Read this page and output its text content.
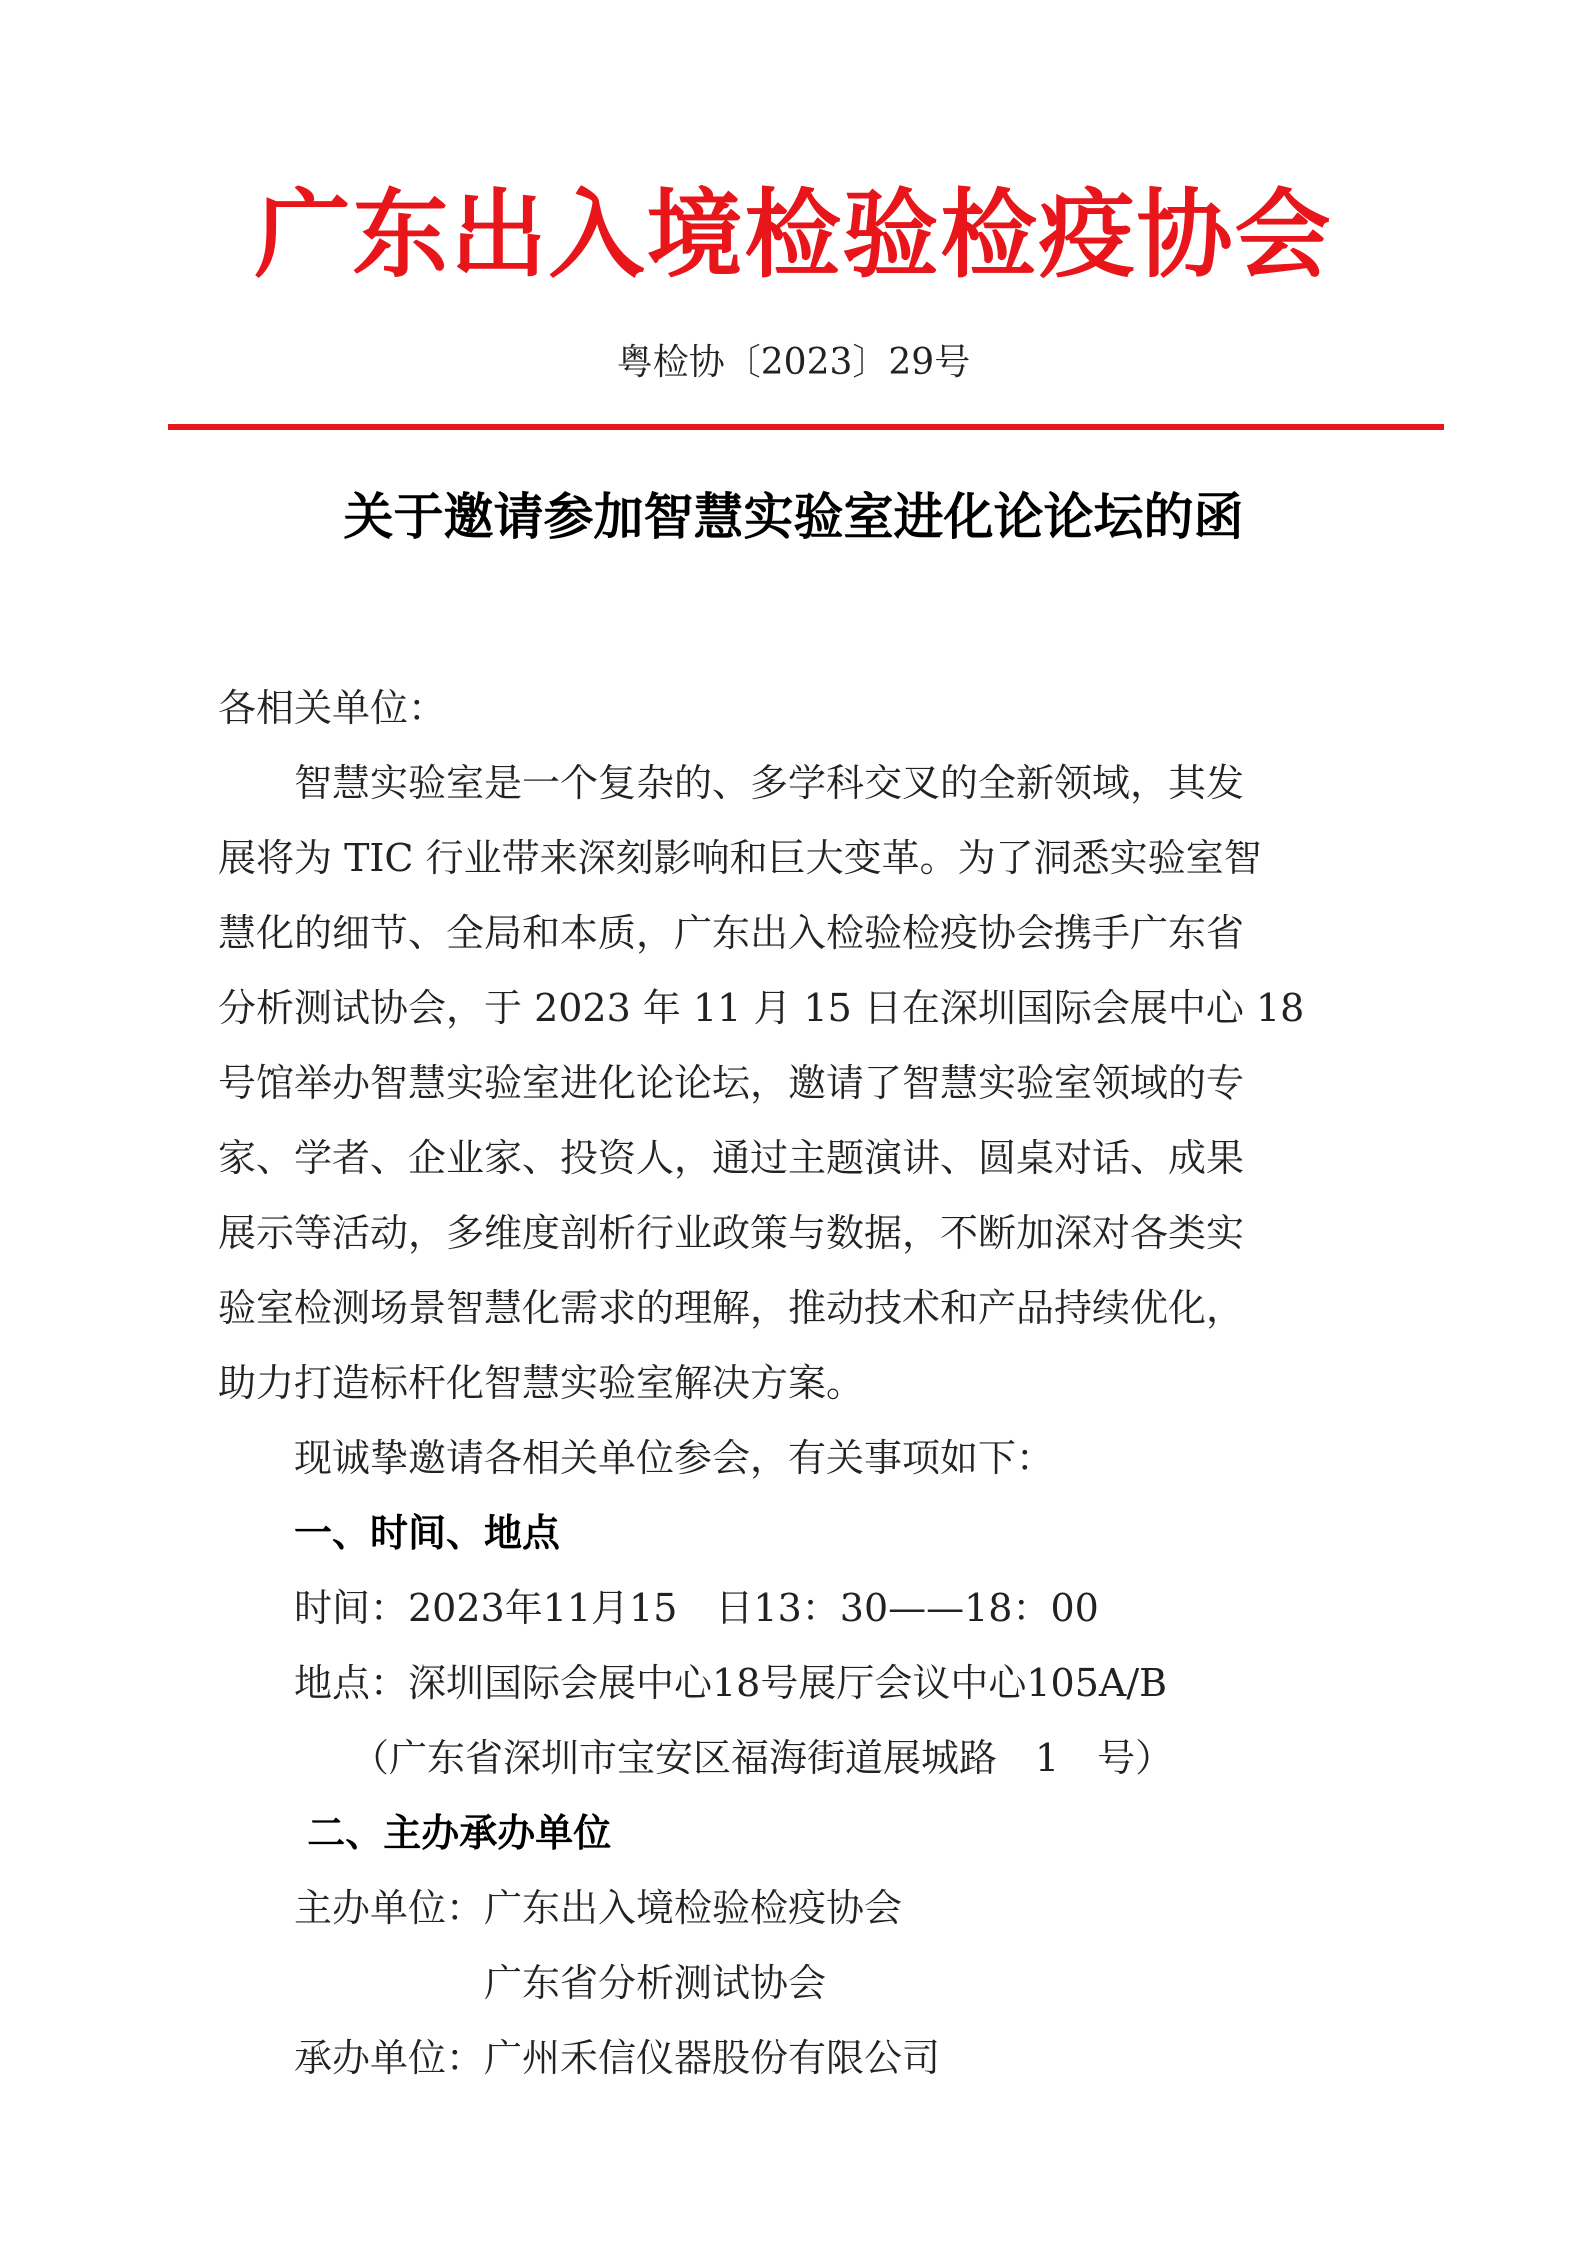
广东出入境检验检疫协会
粤检协〔2023〕29号
关于邀请参加智慧实验室进化论论坛的函
各相关单位：
　　智慧实验室是一个复杂的、多学科交叉的全新领域，其发
展将为 TIC 行业带来深刻影响和巨大变革。为了洞悉实验室智
慧化的细节、全局和本质，广东出入检验检疫协会携手广东省
分析测试协会，于 2023 年 11 月 15 日在深圳国际会展中心 18
号馆举办智慧实验室进化论论坛，邀请了智慧实验室领域的专
家、学者、企业家、投资人，通过主题演讲、圆桌对话、成果
展示等活动，多维度剖析行业政策与数据，不断加深对各类实
验室检测场景智慧化需求的理解，推动技术和产品持续优化，
助力打造标杆化智慧实验室解决方案。
　　现诚挚邀请各相关单位参会，有关事项如下：
　　一、时间、地点
　　时间：2023年11月15　日13：30——18：00
　　地点：深圳国际会展中心18号展厅会议中心105A/B
　　　　（广东省深圳市宝安区福海街道展城路　1　号）
　　 二、主办承办单位
　　主办单位：广东出入境检验检疫协会
　　　　　　　广东省分析测试协会
　　承办单位：广州禾信仪器股份有限公司
